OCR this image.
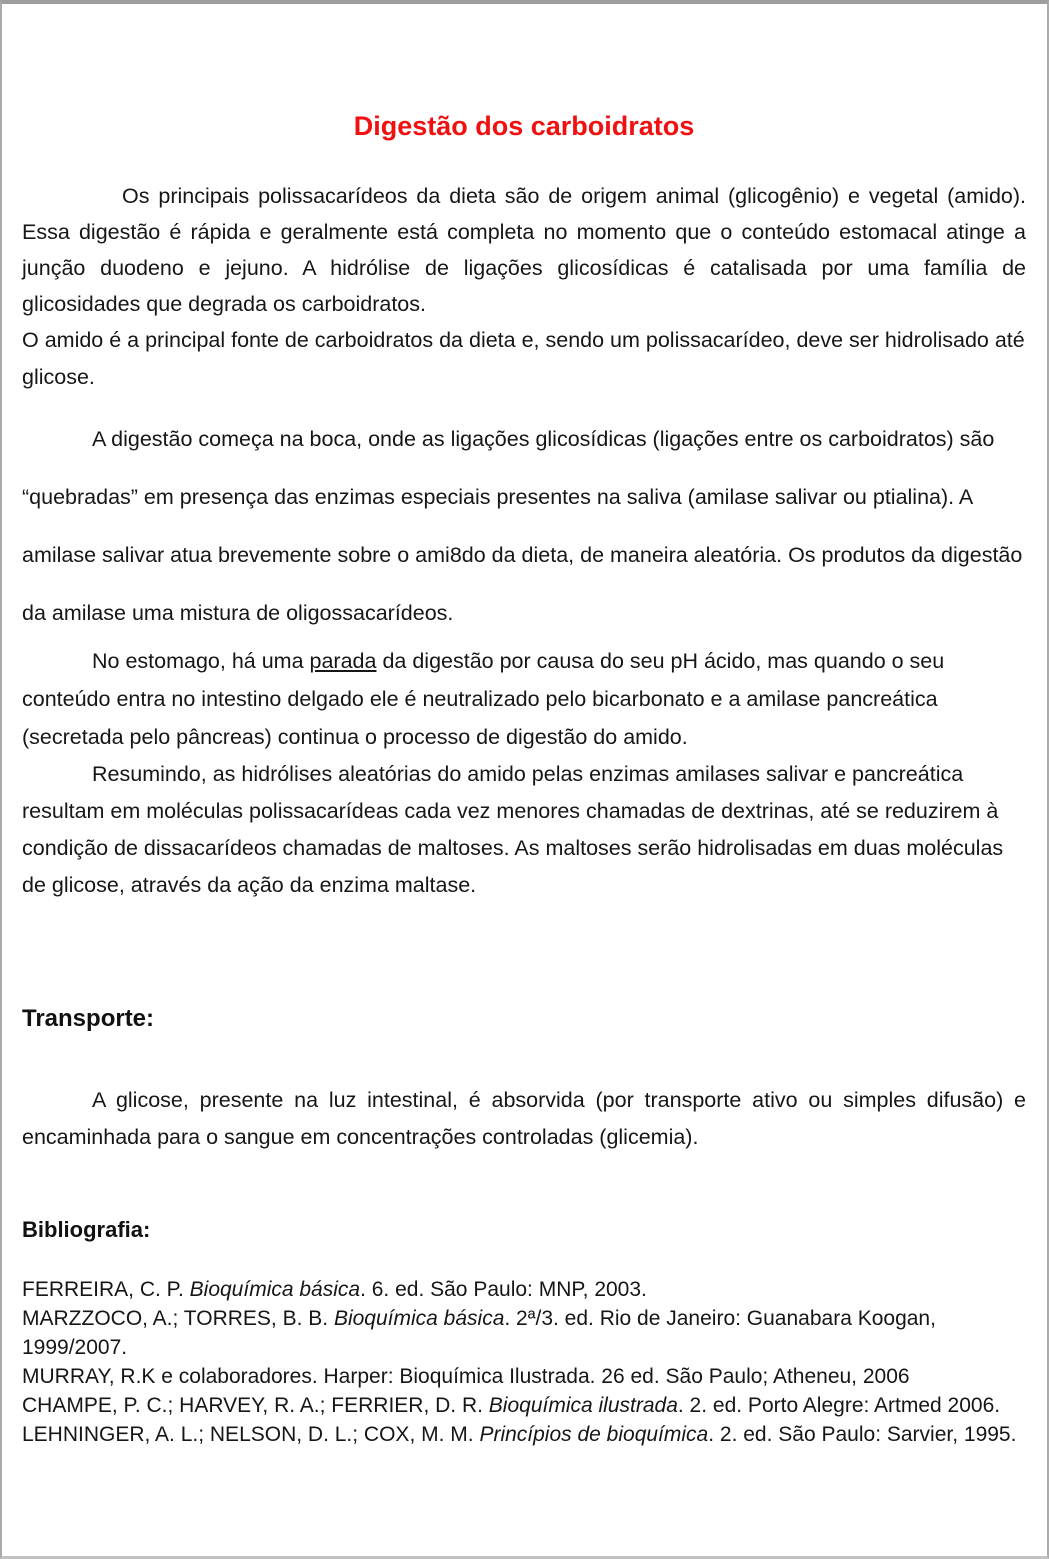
Digestão dos carboidratos

Os principais polissacarídeos da dieta são de origem animal (glicogênio) e vegetal (amido). Essa digestão é rápida e geralmente está completa no momento que o conteúdo estomacal atinge a junção duodeno e jejuno. A hidrólise de ligações glicosídicas é catalisada por uma família de glicosidades que degrada os carboidratos.

O amido é a principal fonte de carboidratos da dieta e, sendo um polissacarídeo, deve ser hidrolisado até glicose.

A digestão começa na boca, onde as ligações glicosídicas (ligações entre os carboidratos) são “quebradas” em presença das enzimas especiais presentes na saliva (amilase salivar ou ptialina). A amilase salivar atua brevemente sobre o ami8do da dieta, de maneira aleatória. Os produtos da digestão da amilase uma mistura de oligossacarídeos.

No estomago, há uma parada da digestão por causa do seu pH ácido, mas quando o seu conteúdo entra no intestino delgado ele é neutralizado pelo bicarbonato e a amilase pancreática (secretada pelo pâncreas) continua o processo de digestão do amido.

Resumindo, as hidrólises aleatórias do amido pelas enzimas amilases salivar e pancreática resultam em moléculas polissacarídeas cada vez menores chamadas de dextrinas, até se reduzirem à condição de dissacarídeos chamadas de maltoses. As maltoses serão hidrolisadas em duas moléculas de glicose, através da ação da enzima maltase.

Transporte:

A glicose, presente na luz intestinal, é absorvida (por transporte ativo ou simples difusão) e encaminhada para o sangue em concentrações controladas (glicemia).

Bibliografia:

FERREIRA, C. P. Bioquímica básica. 6. ed. São Paulo: MNP, 2003.

MARZZOCO, A.; TORRES, B. B. Bioquímica básica. 2ª/3. ed. Rio de Janeiro: Guanabara Koogan, 1999/2007.

MURRAY, R.K e colaboradores. Harper: Bioquímica Ilustrada. 26 ed. São Paulo; Atheneu, 2006

CHAMPE, P. C.; HARVEY, R. A.; FERRIER, D. R. Bioquímica ilustrada. 2. ed. Porto Alegre: Artmed 2006.

LEHNINGER, A. L.; NELSON, D. L.; COX, M. M. Princípios de bioquímica. 2. ed. São Paulo: Sarvier, 1995.
